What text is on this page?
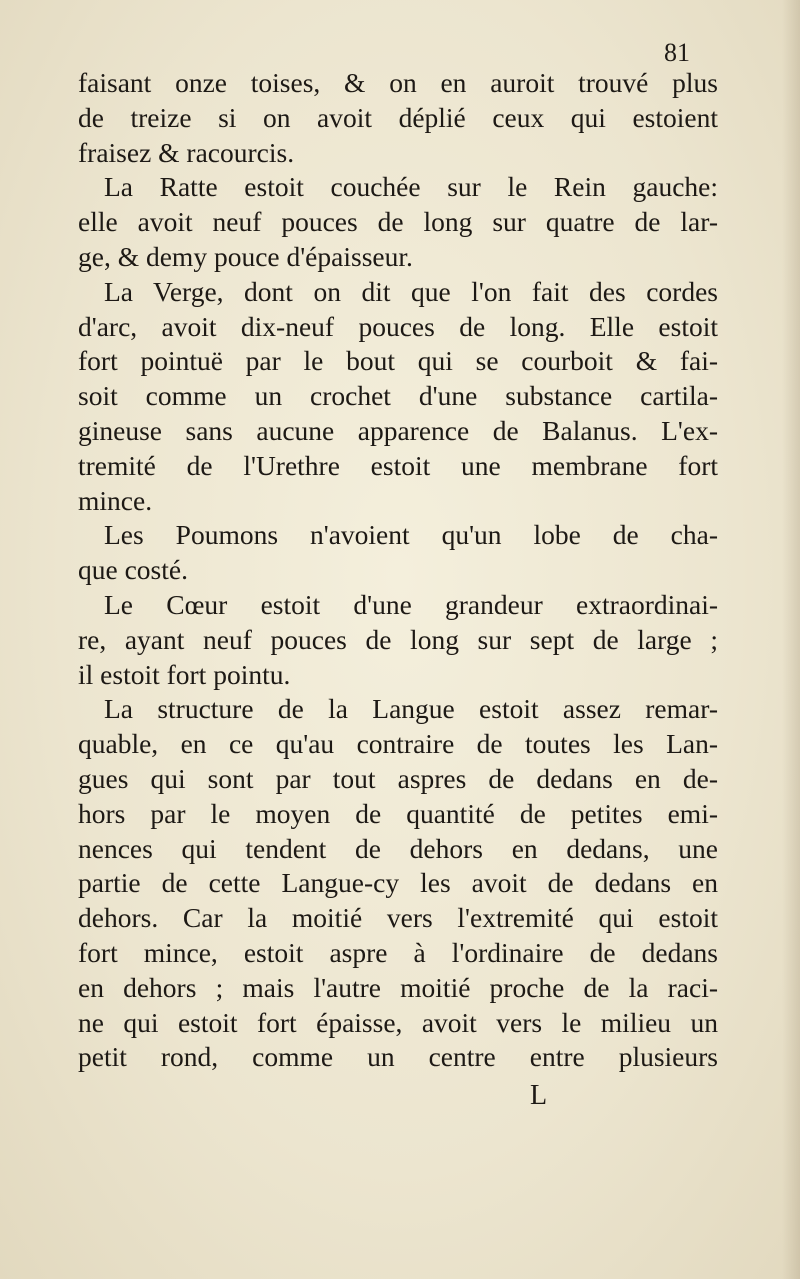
81
faisant onze toises, & on en auroit trouvé plus
de treize si on avoit déplié ceux qui estoient
fraisez & racourcis.
La Ratte estoit couchée sur le Rein gauche:
elle avoit neuf pouces de long sur quatre de lar-
ge, & demy pouce d'épaisseur.
La Verge, dont on dit que l'on fait des cordes
d'arc, avoit dix-neuf pouces de long. Elle estoit
fort pointuë par le bout qui se courboit & fai-
soit comme un crochet d'une substance cartila-
gineuse sans aucune apparence de Balanus. L'ex-
tremité de l'Urethre estoit une membrane fort
mince.
Les Poumons n'avoient qu'un lobe de cha-
que costé.
Le Cœur estoit d'une grandeur extraordinai-
re, ayant neuf pouces de long sur sept de large ;
il estoit fort pointu.
La structure de la Langue estoit assez remar-
quable, en ce qu'au contraire de toutes les Lan-
gues qui sont par tout aspres de dedans en de-
hors par le moyen de quantité de petites emi-
nences qui tendent de dehors en dedans, une
partie de cette Langue-cy les avoit de dedans en
dehors. Car la moitié vers l'extremité qui estoit
fort mince, estoit aspre à l'ordinaire de dedans
en dehors ; mais l'autre moitié proche de la raci-
ne qui estoit fort épaisse, avoit vers le milieu un
petit rond, comme un centre entre plusieurs
L
